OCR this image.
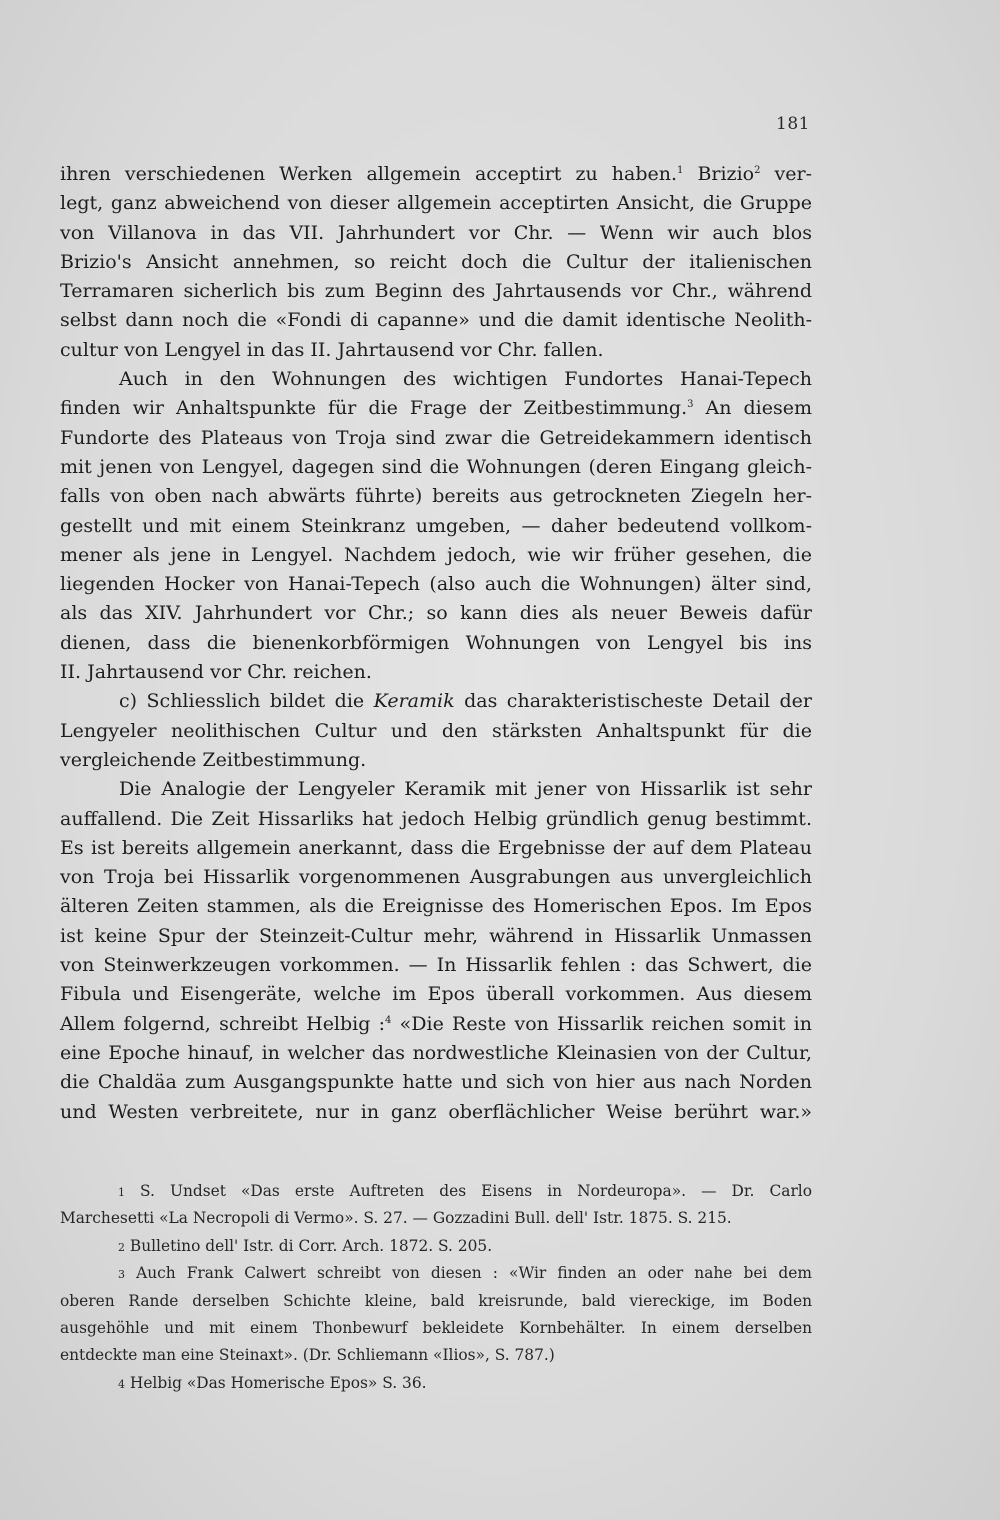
181
ihren verschiedenen Werken allgemein acceptirt zu haben.$^1$ Brizio$^2$ ver-
legt, ganz abweichend von dieser allgemein acceptirten Ansicht, die Gruppe
von Villanova in das VII. Jahrhundert vor Chr. — Wenn wir auch blos
Brizio's Ansicht annehmen, so reicht doch die Cultur der italienischen
Terramaren sicherlich bis zum Beginn des Jahrtausends vor Chr., während
selbst dann noch die «Fondi di capanne» und die damit identische Neolith-
cultur von Lengyel in das II. Jahrtausend vor Chr. fallen.
Auch in den Wohnungen des wichtigen Fundortes Hanai-Tepech
finden wir Anhaltspunkte für die Frage der Zeitbestimmung.$^3$ An diesem
Fundorte des Plateaus von Troja sind zwar die Getreidekammern identisch
mit jenen von Lengyel, dagegen sind die Wohnungen (deren Eingang gleich-
falls von oben nach abwärts führte) bereits aus getrockneten Ziegeln her-
gestellt und mit einem Steinkranz umgeben, — daher bedeutend vollkom-
mener als jene in Lengyel. Nachdem jedoch, wie wir früher gesehen, die
liegenden Hocker von Hanai-Tepech (also auch die Wohnungen) älter sind,
als das XIV. Jahrhundert vor Chr.; so kann dies als neuer Beweis dafür
dienen, dass die bienenkorbförmigen Wohnungen von Lengyel bis ins
II. Jahrtausend vor Chr. reichen.
c) Schliesslich bildet die Keramik das charakteristischeste Detail der
Lengyeler neolithischen Cultur und den stärksten Anhaltspunkt für die
vergleichende Zeitbestimmung.
Die Analogie der Lengyeler Keramik mit jener von Hissarlik ist sehr
auffallend. Die Zeit Hissarliks hat jedoch Helbig gründlich genug bestimmt.
Es ist bereits allgemein anerkannt, dass die Ergebnisse der auf dem Plateau
von Troja bei Hissarlik vorgenommenen Ausgrabungen aus unvergleichlich
älteren Zeiten stammen, als die Ereignisse des Homerischen Epos. Im Epos
ist keine Spur der Steinzeit-Cultur mehr, während in Hissarlik Unmassen
von Steinwerkzeugen vorkommen. — In Hissarlik fehlen : das Schwert, die
Fibula und Eisengeräte, welche im Epos überall vorkommen. Aus diesem
Allem folgernd, schreibt Helbig :$^4$ «Die Reste von Hissarlik reichen somit in
eine Epoche hinauf, in welcher das nordwestliche Kleinasien von der Cultur,
die Chaldäa zum Ausgangspunkte hatte und sich von hier aus nach Norden
und Westen verbreitete, nur in ganz oberflächlicher Weise berührt war.»
1 S. Undset «Das erste Auftreten des Eisens in Nordeuropa». — Dr. Carlo
Marchesetti «La Necropoli di Vermo». S. 27. — Gozzadini Bull. dell' Istr. 1875. S. 215.
2 Bulletino dell' Istr. di Corr. Arch. 1872. S. 205.
3 Auch Frank Calwert schreibt von diesen : «Wir finden an oder nahe bei dem
oberen Rande derselben Schichte kleine, bald kreisrunde, bald viereckige, im Boden
ausgehöhle und mit einem Thonbewurf bekleidete Kornbehälter. In einem derselben
entdeckte man eine Steinaxt». (Dr. Schliemann «Ilios», S. 787.)
4 Helbig «Das Homerische Epos» S. 36.
